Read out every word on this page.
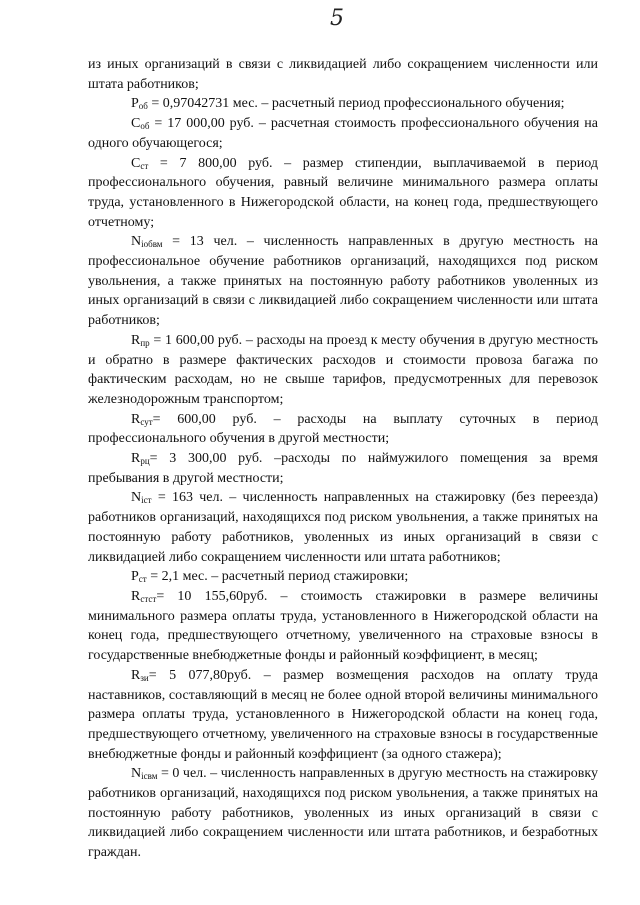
5

из иных организаций в связи с ликвидацией либо сокращением численности или штата работников;

$P_{об} = 0,97042731$ мес. – расчетный период профессионального обучения;

$C_{об} = 17$ 000,00 руб. – расчетная стоимость профессионального обучения на одного обучающегося;

$C_{ст} = 7$ 800,00 руб. – размер стипендии, выплачиваемой в период профессионального обучения, равный величине минимального размера оплаты труда, установленного в Нижегородской области, на конец года, предшествующего отчетному;

$N_{iобвм} = 13$ чел. – численность направленных в другую местность на профессиональное обучение работников организаций, находящихся под риском увольнения, а также принятых на постоянную работу работников уволенных из иных организаций в связи с ликвидацией либо сокращением численности или штата работников;

$R_{пр} = 1$ 600,00 руб. – расходы на проезд к месту обучения в другую местность и обратно в размере фактических расходов и стоимости провоза багажа по фактическим расходам, но не свыше тарифов, предусмотренных для перевозок железнодорожным транспортом;

$R_{сут}= 600,00$ руб. – расходы на выплату суточных в период профессионального обучения в другой местности;

$R_{рц}= 3$ 300,00 руб. –расходы по наймужилого помещения за время пребывания в другой местности;

$N_{iст} = 163$ чел. – численность направленных на стажировку (без переезда) работников организаций, находящихся под риском увольнения, а также принятых на постоянную работу работников, уволенных из иных организаций в связи с ликвидацией либо сокращением численности или штата работников;

$P_{ст} = 2,1$ мес. – расчетный период стажировки;

$R_{стст}= 10$ 155,60руб. – стоимость стажировки в размере величины минимального размера оплаты труда, установленного в Нижегородской области на конец года, предшествующего отчетному, увеличенного на страховые взносы в государственные внебюджетные фонды и районный коэффициент, в месяц;

$R_{зи}= 5$ 077,80руб. – размер возмещения расходов на оплату труда наставников, составляющий в месяц не более одной второй величины минимального размера оплаты труда, установленного в Нижегородской области на конец года, предшествующего отчетному, увеличенного на страховые взносы в государственные внебюджетные фонды и районный коэффициент (за одного стажера);

$N_{iсвм} = 0$ чел. – численность направленных в другую местность на стажировку работников организаций, находящихся под риском увольнения, а также принятых на постоянную работу работников, уволенных из иных организаций в связи с ликвидацией либо сокращением численности или штата работников, и безработных граждан.
